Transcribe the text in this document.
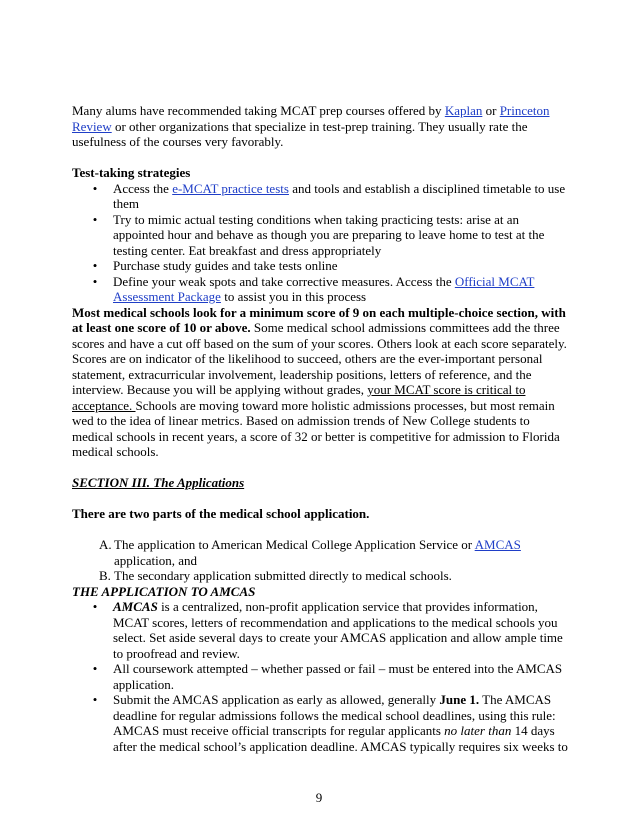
Many alums have recommended taking MCAT prep courses offered by Kaplan or Princeton Review or other organizations that specialize in test-prep training. They usually rate the usefulness of the courses very favorably.

Test-taking strategies

• Access the e-MCAT practice tests and tools and establish a disciplined timetable to use them
• Try to mimic actual testing conditions when taking practicing tests: arise at an appointed hour and behave as though you are preparing to leave home to test at the testing center. Eat breakfast and dress appropriately
• Purchase study guides and take tests online
• Define your weak spots and take corrective measures. Access the Official MCAT Assessment Package to assist you in this process

Most medical schools look for a minimum score of 9 on each multiple-choice section, with at least one score of 10 or above. Some medical school admissions committees add the three scores and have a cut off based on the sum of your scores. Others look at each score separately. Scores are on indicator of the likelihood to succeed, others are the ever-important personal statement, extracurricular involvement, leadership positions, letters of reference, and the interview. Because you will be applying without grades, your MCAT score is critical to acceptance. Schools are moving toward more holistic admissions processes, but most remain wed to the idea of linear metrics. Based on admission trends of New College students to medical schools in recent years, a score of 32 or better is competitive for admission to Florida medical schools.

SECTION III. The Applications

There are two parts of the medical school application.

A. The application to American Medical College Application Service or AMCAS application, and
B. The secondary application submitted directly to medical schools.

THE APPLICATION TO AMCAS

• AMCAS is a centralized, non-profit application service that provides information, MCAT scores, letters of recommendation and applications to the medical schools you select. Set aside several days to create your AMCAS application and allow ample time to proofread and review.
• All coursework attempted – whether passed or fail – must be entered into the AMCAS application.
• Submit the AMCAS application as early as allowed, generally June 1. The AMCAS deadline for regular admissions follows the medical school deadlines, using this rule: AMCAS must receive official transcripts for regular applicants no later than 14 days after the medical school’s application deadline. AMCAS typically requires six weeks to
9
